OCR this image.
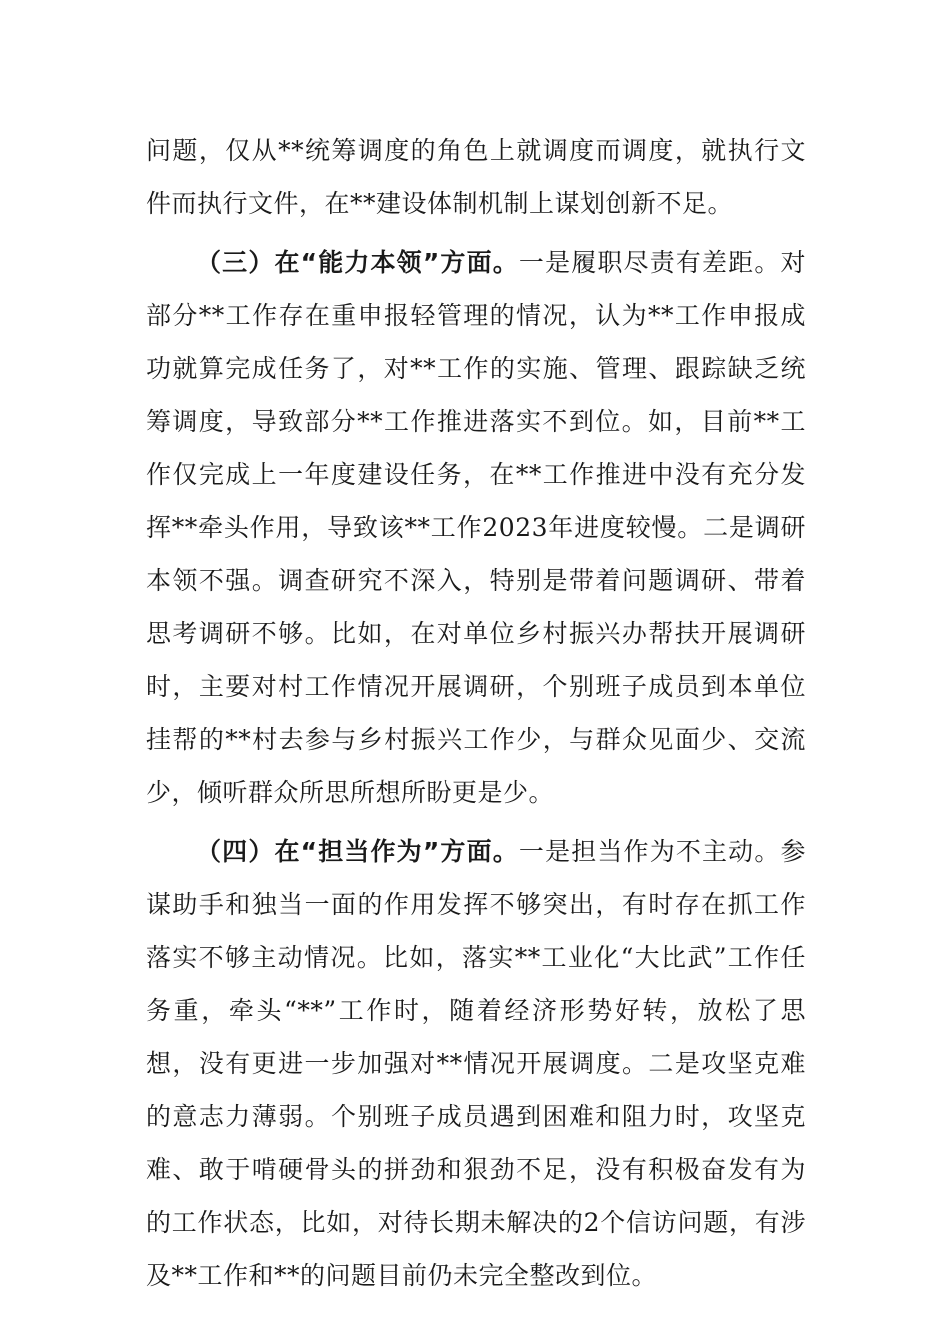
问题，仅从**统筹调度的角色上就调度而调度，就执行文件而执行文件，在**建设体制机制上谋划创新不足。

（三）在“能力本领”方面。一是履职尽责有差距。对部分**工作存在重申报轻管理的情况，认为**工作申报成功就算完成任务了，对**工作的实施、管理、跟踪缺乏统筹调度，导致部分**工作推进落实不到位。如，目前**工作仅完成上一年度建设任务，在**工作推进中没有充分发挥**牵头作用，导致该**工作2023年进度较慢。二是调研本领不强。调查研究不深入，特别是带着问题调研、带着思考调研不够。比如，在对单位乡村振兴办帮扶开展调研时，主要对村工作情况开展调研，个别班子成员到本单位挂帮的**村去参与乡村振兴工作少，与群众见面少、交流少，倾听群众所思所想所盼更是少。

（四）在“担当作为”方面。一是担当作为不主动。参谋助手和独当一面的作用发挥不够突出，有时存在抓工作落实不够主动情况。比如，落实**工业化“大比武”工作任务重，牵头“**”工作时，随着经济形势好转，放松了思想，没有更进一步加强对**情况开展调度。二是攻坚克难的意志力薄弱。个别班子成员遇到困难和阻力时，攻坚克难、敢于啃硬骨头的拼劲和狠劲不足，没有积极奋发有为的工作状态，比如，对待长期未解决的2个信访问题，有涉及**工作和**的问题目前仍未完全整改到位。
